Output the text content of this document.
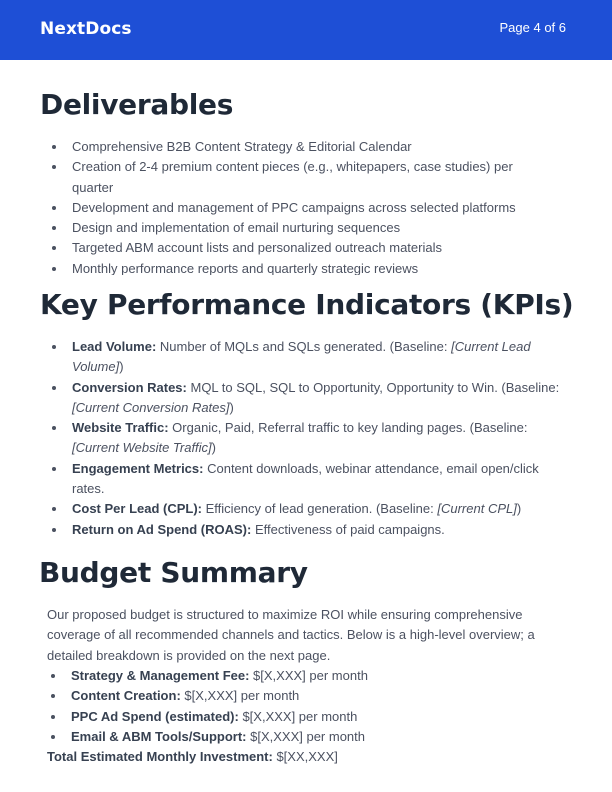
NextDocs	Page 4 of 6
Deliverables
Comprehensive B2B Content Strategy & Editorial Calendar
Creation of 2-4 premium content pieces (e.g., whitepapers, case studies) per quarter
Development and management of PPC campaigns across selected platforms
Design and implementation of email nurturing sequences
Targeted ABM account lists and personalized outreach materials
Monthly performance reports and quarterly strategic reviews
Key Performance Indicators (KPIs)
Lead Volume: Number of MQLs and SQLs generated. (Baseline: [Current Lead Volume])
Conversion Rates: MQL to SQL, SQL to Opportunity, Opportunity to Win. (Baseline: [Current Conversion Rates])
Website Traffic: Organic, Paid, Referral traffic to key landing pages. (Baseline: [Current Website Traffic])
Engagement Metrics: Content downloads, webinar attendance, email open/click rates.
Cost Per Lead (CPL): Efficiency of lead generation. (Baseline: [Current CPL])
Return on Ad Spend (ROAS): Effectiveness of paid campaigns.
Budget Summary

Our proposed budget is structured to maximize ROI while ensuring comprehensive coverage of all recommended channels and tactics. Below is a high-level overview; a detailed breakdown is provided on the next page.

Strategy & Management Fee: $[X,XXX] per month
Content Creation: $[X,XXX] per month
PPC Ad Spend (estimated): $[X,XXX] per month
Email & ABM Tools/Support: $[X,XXX] per month

Total Estimated Monthly Investment: $[XX,XXX]
